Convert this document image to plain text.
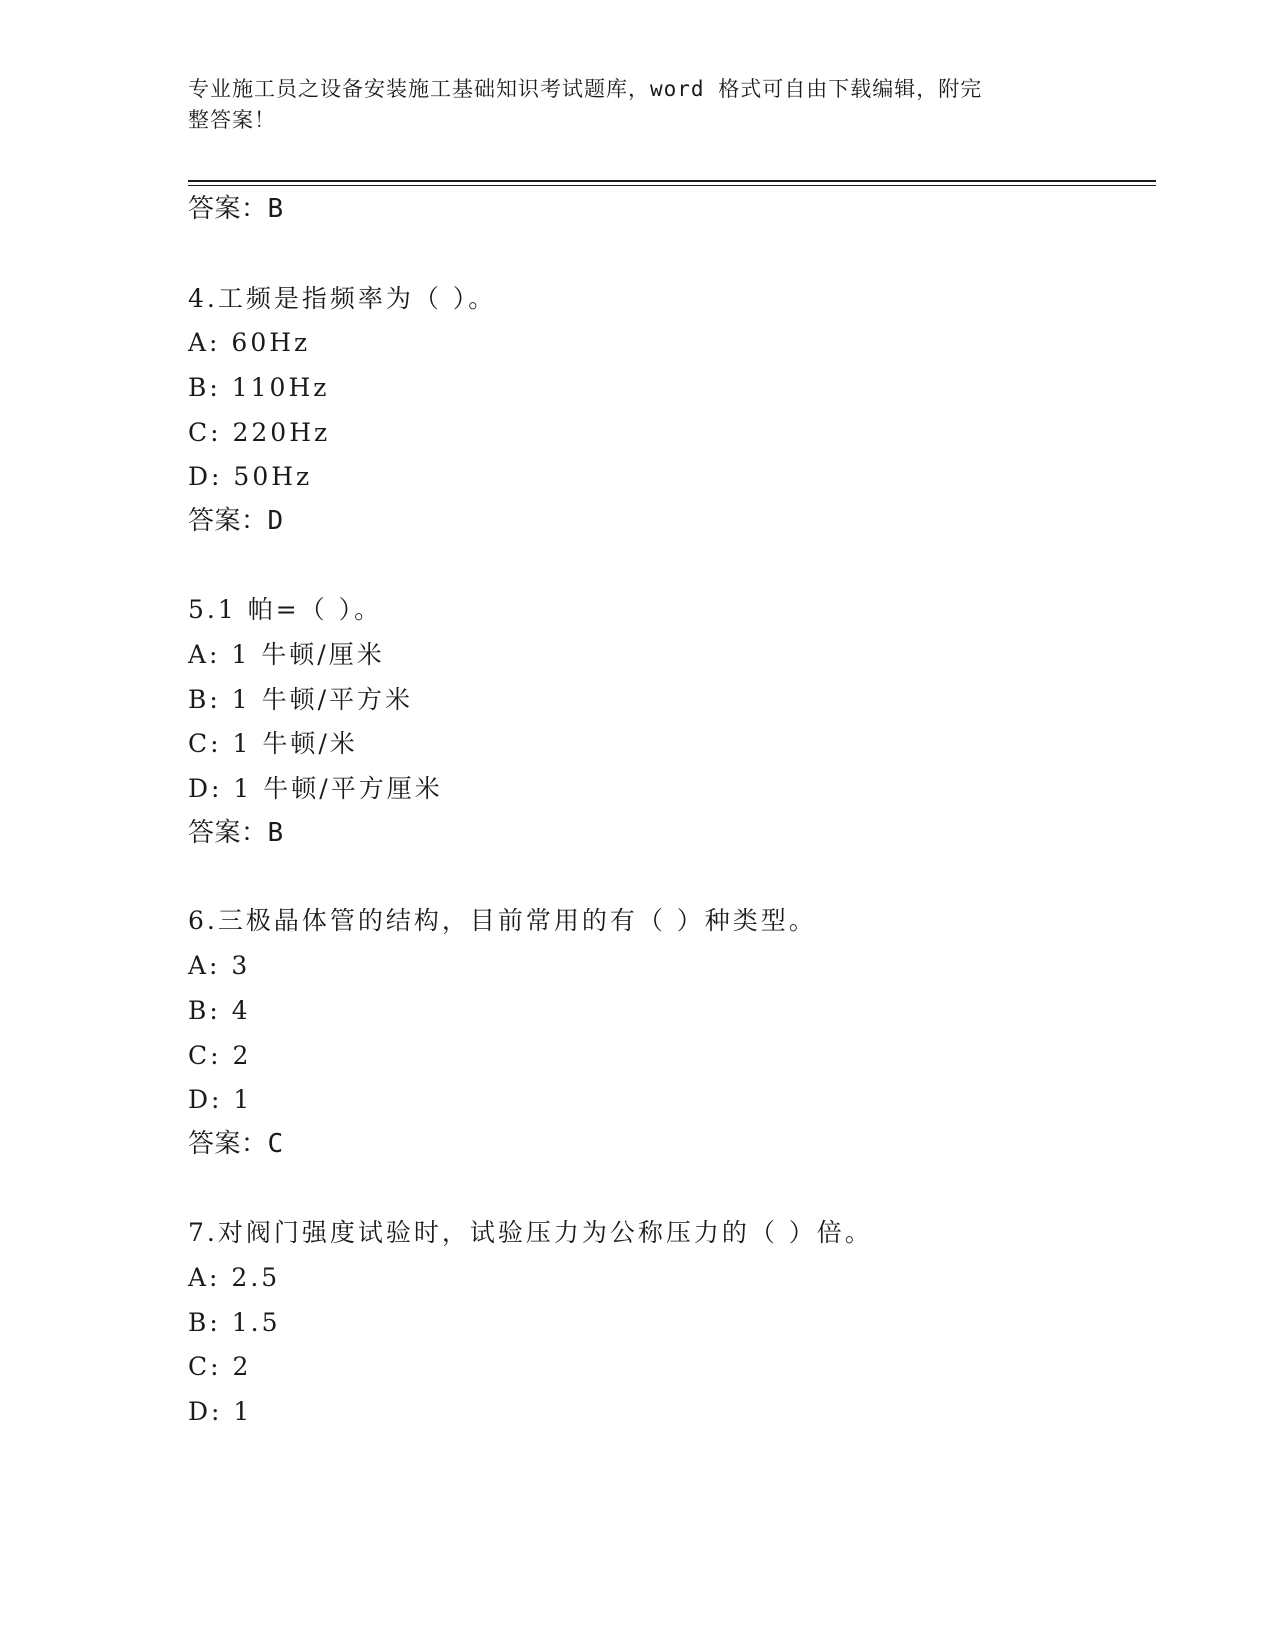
专业施工员之设备安装施工基础知识考试题库，word 格式可自由下载编辑，附完
整答案！

答案：B

4.工频是指频率为（ ）。

A: 60Hz

B: 110Hz

C: 220Hz

D: 50Hz

答案：D

5.1 帕=（ ）。

A: 1 牛顿/厘米

B: 1 牛顿/平方米

C: 1 牛顿/米

D: 1 牛顿/平方厘米

答案：B

6.三极晶体管的结构，目前常用的有（ ）种类型。

A: 3

B: 4

C: 2

D: 1

答案：C

7.对阀门强度试验时，试验压力为公称压力的（ ）倍。

A: 2.5

B: 1.5

C: 2

D: 1
